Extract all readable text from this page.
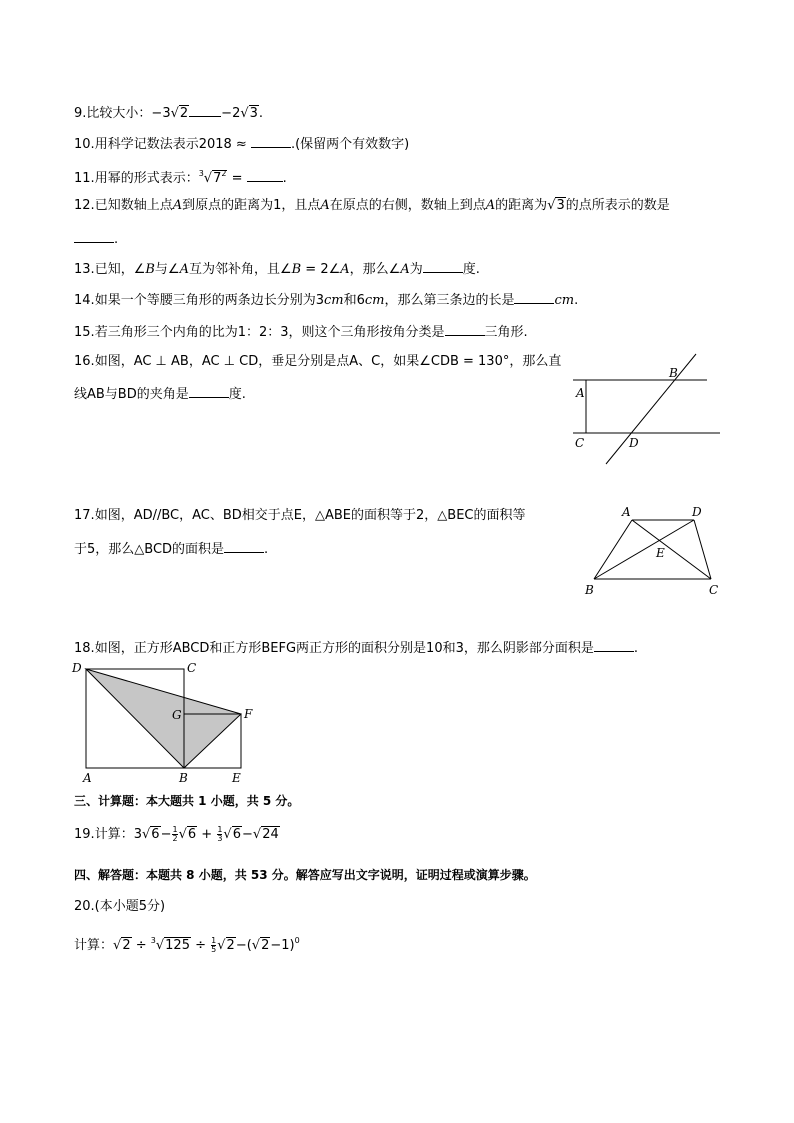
9.比较大小：−3√2	−2√3.
10.用科学记数法表示2018 ≈	.(保留两个有效数字)
11.用幂的形式表示：$^3√7^2$ =	.
12.已知数轴上点A到原点的距离为1，且点A在原点的右侧，数轴上到点A的距离为√3的点所表示的数是
.
13.已知，∠B与∠A互为邻补角，且∠B = 2∠A，那么∠A为	度.
14.如果一个等腰三角形的两条边长分别为3cm和6cm，那么第三条边的长是	cm.
15.若三角形三个内角的比为1：2：3，则这个三角形按角分类是	三角形.
16.如图，AC ⊥ AB，AC ⊥ CD，垂足分别是点A、C，如果∠CDB = 130°，那么直
线AB与BD的夹角是	度.	A
B
C	D
17.如图，AD//BC，AC、BD相交于点E，△ABE的面积等于2，△BEC的面积等
于5，那么△BCD的面积是	.
A	D
E
B	C
18.如图，正方形ABCD和正方形BEFG两正方形的面积分别是10和3，那么阴影部分面积是	.
D	C
G	F
A	B	E
三、计算题：本大题共 1 小题，共 5 分。
19.计算：$3√6- \frac{1}{2} √6 + \frac{1}{3} √6-√24$
四、解答题：本题共 8 小题，共 53 分。解答应写出文字说明，证明过程或演算步骤。
20.(本小题5分)
计算：$√2 \div ^3√125 \div \frac{1}{5} √2-(√2-1)^0$
